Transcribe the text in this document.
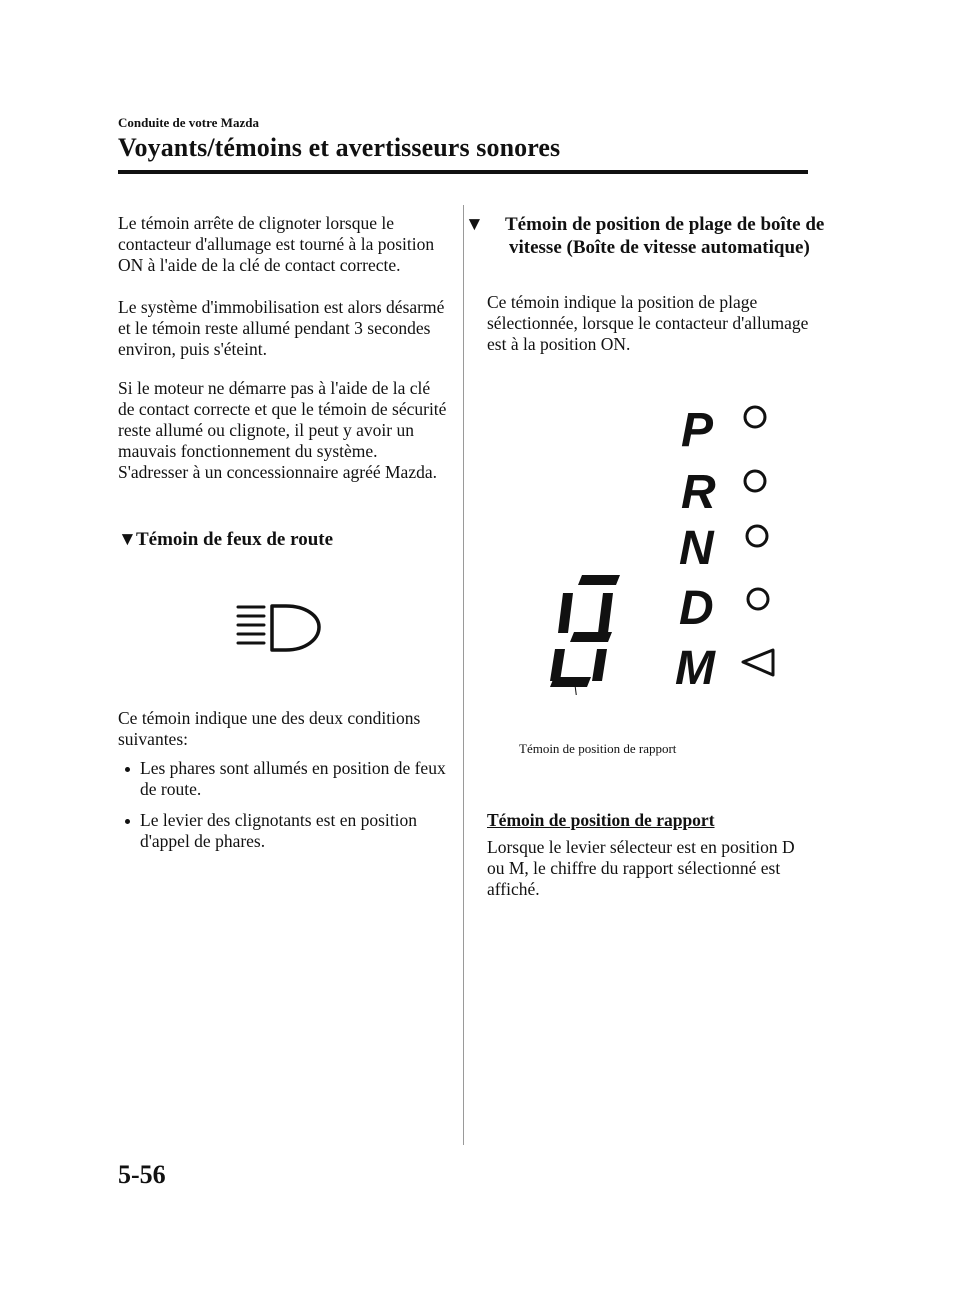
Conduite de votre Mazda
Voyants/témoins et avertisseurs sonores

Le témoin arrête de clignoter lorsque le contacteur d'allumage est tourné à la position ON à l'aide de la clé de contact correcte.

Le système d'immobilisation est alors désarmé et le témoin reste allumé pendant 3 secondes environ, puis s'éteint.

Si le moteur ne démarre pas à l'aide de la clé de contact correcte et que le témoin de sécurité reste allumé ou clignote, il peut y avoir un mauvais fonctionnement du système. S'adresser à un concessionnaire agréé Mazda.

▼Témoin de feux de route

Ce témoin indique une des deux conditions suivantes:

Les phares sont allumés en position de feux de route.
Le levier des clignotants est en position d'appel de phares.
▼ Témoin de position de plage de boîte de vitesse (Boîte de vitesse automatique)

Ce témoin indique la position de plage sélectionnée, lorsque le contacteur d'allumage est à la position ON.

P
R
N
D
M
Témoin de position de rapport
Témoin de position de rapport

Lorsque le levier sélecteur est en position D ou M, le chiffre du rapport sélectionné est affiché.

5-56
